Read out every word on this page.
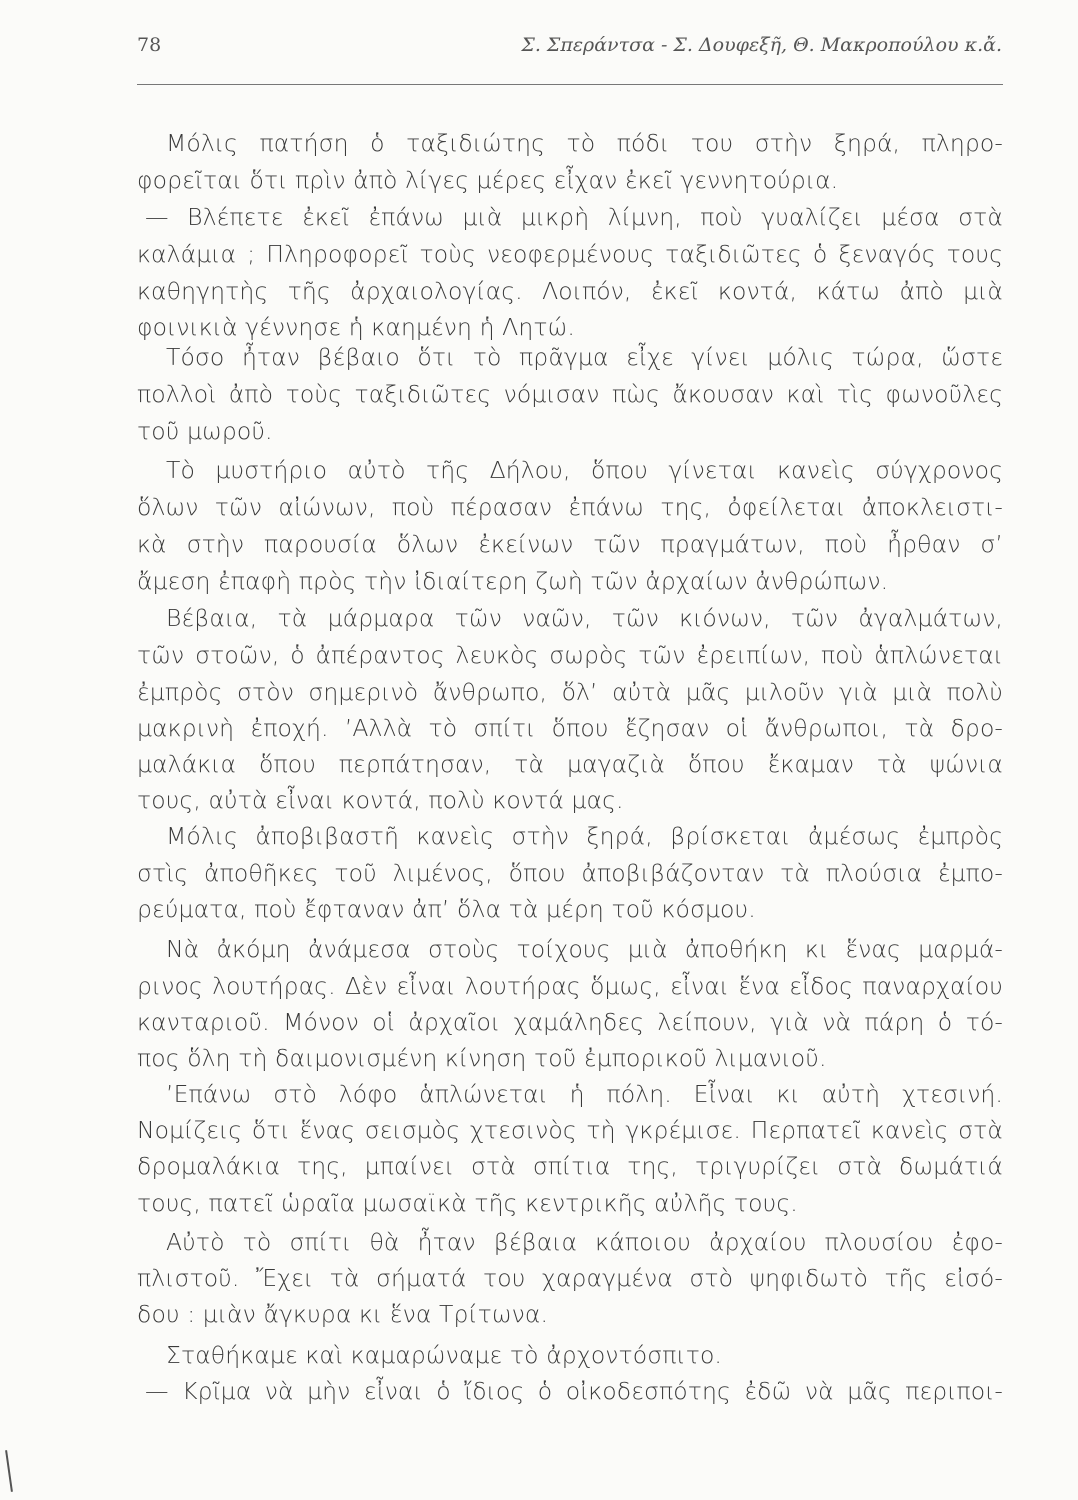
78	Σ. Σπεράντσα - Σ. Δουφεξῆ, Θ. Μακροπούλου κ.ἄ.
Μόλις πατήση ὁ ταξιδιώτης τὸ πόδι του στὴν ξηρά, πληρο-
φορεῖται ὅτι πρὶν ἀπὸ λίγες μέρες εἶχαν ἐκεῖ γεννητούρια.
— Βλέπετε ἐκεῖ ἐπάνω μιὰ μικρὴ λίμνη, ποὺ γυαλίζει μέσα στὰ
καλάμια ; Πληροφορεῖ τοὺς νεοφερμένους ταξιδιῶτες ὁ ξεναγός τους
καθηγητὴς τῆς ἀρχαιολογίας. Λοιπόν, ἐκεῖ κοντά, κάτω ἀπὸ μιὰ
φοινικιὰ γέννησε ἡ καημένη ἡ Λητώ.
Τόσο ἦταν βέβαιο ὅτι τὸ πρᾶγμα εἶχε γίνει μόλις τώρα, ὥστε
πολλοὶ ἀπὸ τοὺς ταξιδιῶτες νόμισαν πὼς ἄκουσαν καὶ τὶς φωνοῦλες
τοῦ μωροῦ.
Τὸ μυστήριο αὐτὸ τῆς Δήλου, ὅπου γίνεται κανεὶς σύγχρονος
ὅλων τῶν αἰώνων, ποὺ πέρασαν ἐπάνω της, ὀφείλεται ἀποκλειστι-
κὰ στὴν παρουσία ὅλων ἐκείνων τῶν πραγμάτων, ποὺ ἦρθαν σ’
ἄμεση ἐπαφὴ πρὸς τὴν ἰδιαίτερη ζωὴ τῶν ἀρχαίων ἀνθρώπων.
Βέβαια, τὰ μάρμαρα τῶν ναῶν, τῶν κιόνων, τῶν ἀγαλμάτων,
τῶν στοῶν, ὁ ἀπέραντος λευκὸς σωρὸς τῶν ἐρειπίων, ποὺ ἁπλώνεται
ἐμπρὸς στὸν σημερινὸ ἄνθρωπο, ὅλ’ αὐτὰ μᾶς μιλοῦν γιὰ μιὰ πολὺ
μακρινὴ ἐποχή. ’Αλλὰ τὸ σπίτι ὅπου ἔζησαν οἱ ἄνθρωποι, τὰ δρο-
μαλάκια ὅπου περπάτησαν, τὰ μαγαζιὰ ὅπου ἔκαμαν τὰ ψώνια
τους, αὐτὰ εἶναι κοντά, πολὺ κοντά μας.
Μόλις ἀποβιβαστῆ κανεὶς στὴν ξηρά, βρίσκεται ἀμέσως ἐμπρὸς
στὶς ἀποθῆκες τοῦ λιμένος, ὅπου ἀποβιβάζονταν τὰ πλούσια ἐμπο-
ρεύματα, ποὺ ἔφταναν ἀπ’ ὅλα τὰ μέρη τοῦ κόσμου.
Νὰ ἀκόμη ἀνάμεσα στοὺς τοίχους μιὰ ἀποθήκη κι ἕνας μαρμά-
ρινος λουτήρας. Δὲν εἶναι λουτήρας ὅμως, εἶναι ἕνα εἶδος παναρχαίου
κανταριοῦ. Μόνον οἱ ἀρχαῖοι χαμάληδες λείπουν, γιὰ νὰ πάρη ὁ τό-
πος ὅλη τὴ δαιμονισμένη κίνηση τοῦ ἐμπορικοῦ λιμανιοῦ.
’Επάνω στὸ λόφο ἁπλώνεται ἡ πόλη. Εἶναι κι αὐτὴ χτεσινή.
Νομίζεις ὅτι ἕνας σεισμὸς χτεσινὸς τὴ γκρέμισε. Περπατεῖ κανεὶς στὰ
δρομαλάκια της, μπαίνει στὰ σπίτια της, τριγυρίζει στὰ δωμάτιά
τους, πατεῖ ὡραῖα μωσαϊκὰ τῆς κεντρικῆς αὐλῆς τους.
Αὐτὸ τὸ σπίτι θὰ ἦταν βέβαια κάποιου ἀρχαίου πλουσίου ἐφο-
πλιστοῦ. Ἔχει τὰ σήματά του χαραγμένα στὸ ψηφιδωτὸ τῆς εἰσό-
δου : μιὰν ἄγκυρα κι ἕνα Τρίτωνα.
Σταθήκαμε καὶ καμαρώναμε τὸ ἀρχοντόσπιτο.
— Κρῖμα νὰ μὴν εἶναι ὁ ἴδιος ὁ οἰκοδεσπότης ἐδῶ νὰ μᾶς περιποι-
